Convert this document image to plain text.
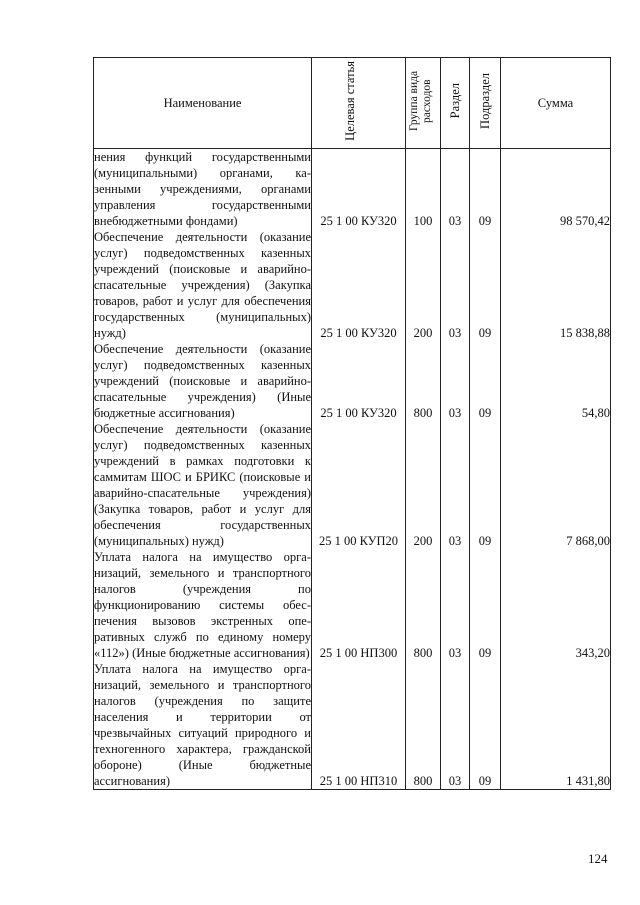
Наименование	Целевая статья	Группа вида расходов	Раздел	Подраздел	Сумма
нения функций государственными (муниципальными) органами, казенными учреждениями, органами управления государственными внебюджетными фондами)	25 1 00 КУ320	100	03	09	98 570,42
Обеспечение деятельности (оказание услуг) подведомственных казенных учреждений (поисковые и аварийно-спасательные учреждения) (Закупка товаров, работ и услуг для обеспечения государственных (муниципальных) нужд)	25 1 00 КУ320	200	03	09	15 838,88
Обеспечение деятельности (оказание услуг) подведомственных казенных учреждений (поисковые и аварийно-спасательные учреждения) (Иные бюджетные ассигнования)	25 1 00 КУ320	800	03	09	54,80
Обеспечение деятельности (оказание услуг) подведомственных казенных учреждений в рамках подготовки к саммитам ШОС и БРИКС (поисковые и аварийно-спасательные учреждения) (Закупка товаров, работ и услуг для обеспечения государственных (муниципальных) нужд)	25 1 00 КУП20	200	03	09	7 868,00
Уплата налога на имущество организаций, земельного и транспортного налогов (учреждения по функционированию системы обеспечения вызовов экстренных оперативных служб по единому номеру «112») (Иные бюджетные ассигнования)	25 1 00 НП300	800	03	09	343,20
Уплата налога на имущество организаций, земельного и транспортного налогов (учреждения по защите населения и территории от чрезвычайных ситуаций природного и техногенного характера, гражданской обороне) (Иные бюджетные ассигнования)	25 1 00 НП310	800	03	09	1 431,80
124
